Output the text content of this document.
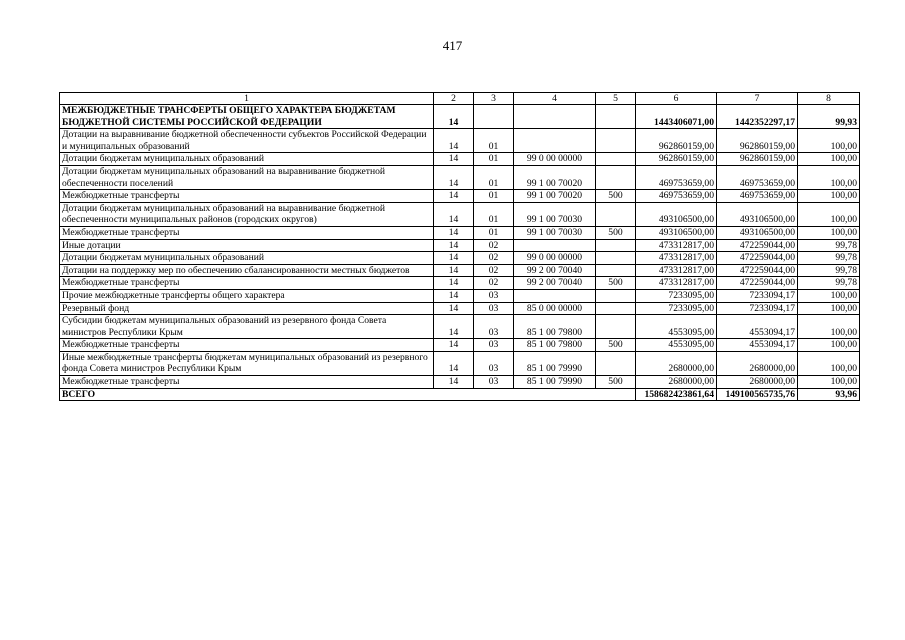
417
1	2	3	4	5	6	7	8
МЕЖБЮДЖЕТНЫЕ ТРАНСФЕРТЫ ОБЩЕГО ХАРАКТЕРА БЮДЖЕТАМ БЮДЖЕТНОЙ СИСТЕМЫ РОССИЙСКОЙ ФЕДЕРАЦИИ	14				1443406071,00	1442352297,17	99,93
Дотации на выравнивание бюджетной обеспеченности субъектов Российской Федерации и муниципальных образований	14	01			962860159,00	962860159,00	100,00
Дотации бюджетам муниципальных образований	14	01	99 0 00 00000		962860159,00	962860159,00	100,00
Дотации бюджетам муниципальных образований на выравнивание бюджетной обеспеченности поселений	14	01	99 1 00 70020		469753659,00	469753659,00	100,00
Межбюджетные трансферты	14	01	99 1 00 70020	500	469753659,00	469753659,00	100,00
Дотации бюджетам муниципальных образований на выравнивание бюджетной обеспеченности муниципальных районов (городских округов)	14	01	99 1 00 70030		493106500,00	493106500,00	100,00
Межбюджетные трансферты	14	01	99 1 00 70030	500	493106500,00	493106500,00	100,00
Иные дотации	14	02			473312817,00	472259044,00	99,78
Дотации бюджетам муниципальных образований	14	02	99 0 00 00000		473312817,00	472259044,00	99,78
Дотации на поддержку мер по обеспечению сбалансированности местных бюджетов	14	02	99 2 00 70040		473312817,00	472259044,00	99,78
Межбюджетные трансферты	14	02	99 2 00 70040	500	473312817,00	472259044,00	99,78
Прочие межбюджетные трансферты общего характера	14	03			7233095,00	7233094,17	100,00
Резервный фонд	14	03	85 0 00 00000		7233095,00	7233094,17	100,00
Субсидии бюджетам муниципальных образований из резервного фонда Совета министров Республики Крым	14	03	85 1 00 79800		4553095,00	4553094,17	100,00
Межбюджетные трансферты	14	03	85 1 00 79800	500	4553095,00	4553094,17	100,00
Иные межбюджетные трансферты бюджетам муниципальных образований из резервного фонда Совета министров Республики Крым	14	03	85 1 00 79990		2680000,00	2680000,00	100,00
Межбюджетные трансферты	14	03	85 1 00 79990	500	2680000,00	2680000,00	100,00
ВСЕГО					158682423861,64	149100565735,76	93,96
